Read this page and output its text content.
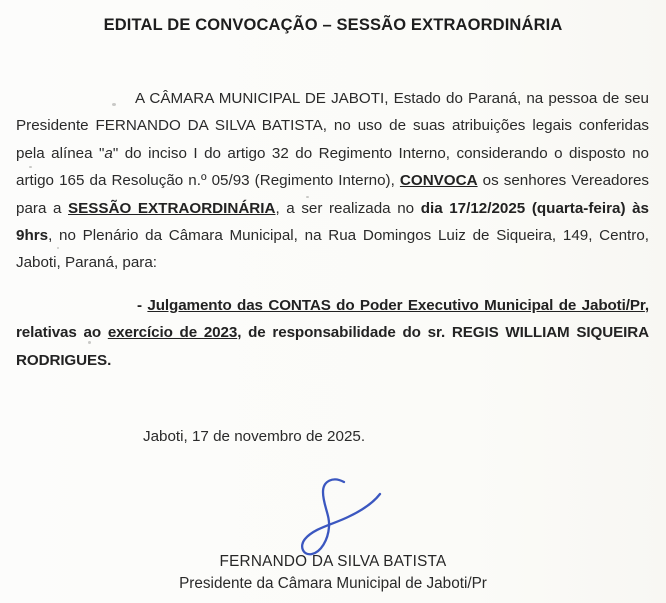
EDITAL DE CONVOCAÇÃO – SESSÃO EXTRAORDINÁRIA

A CÂMARA MUNICIPAL DE JABOTI, Estado do Paraná, na pessoa de seu Presidente FERNANDO DA SILVA BATISTA, no uso de suas atribuições legais conferidas pela alínea "a" do inciso I do artigo 32 do Regimento Interno, considerando o disposto no artigo 165 da Resolução n.º 05/93 (Regimento Interno), CONVOCA os senhores Vereadores para a SESSÃO EXTRAORDINÁRIA, a ser realizada no dia 17/12/2025 (quarta-feira) às 9hrs, no Plenário da Câmara Municipal, na Rua Domingos Luiz de Siqueira, 149, Centro, Jaboti, Paraná, para:

- Julgamento das CONTAS do Poder Executivo Municipal de Jaboti/Pr, relativas ao exercício de 2023, de responsabilidade do sr. REGIS WILLIAM SIQUEIRA RODRIGUES.

Jaboti, 17 de novembro de 2025.
FERNANDO DA SILVA BATISTA
Presidente da Câmara Municipal de Jaboti/Pr
